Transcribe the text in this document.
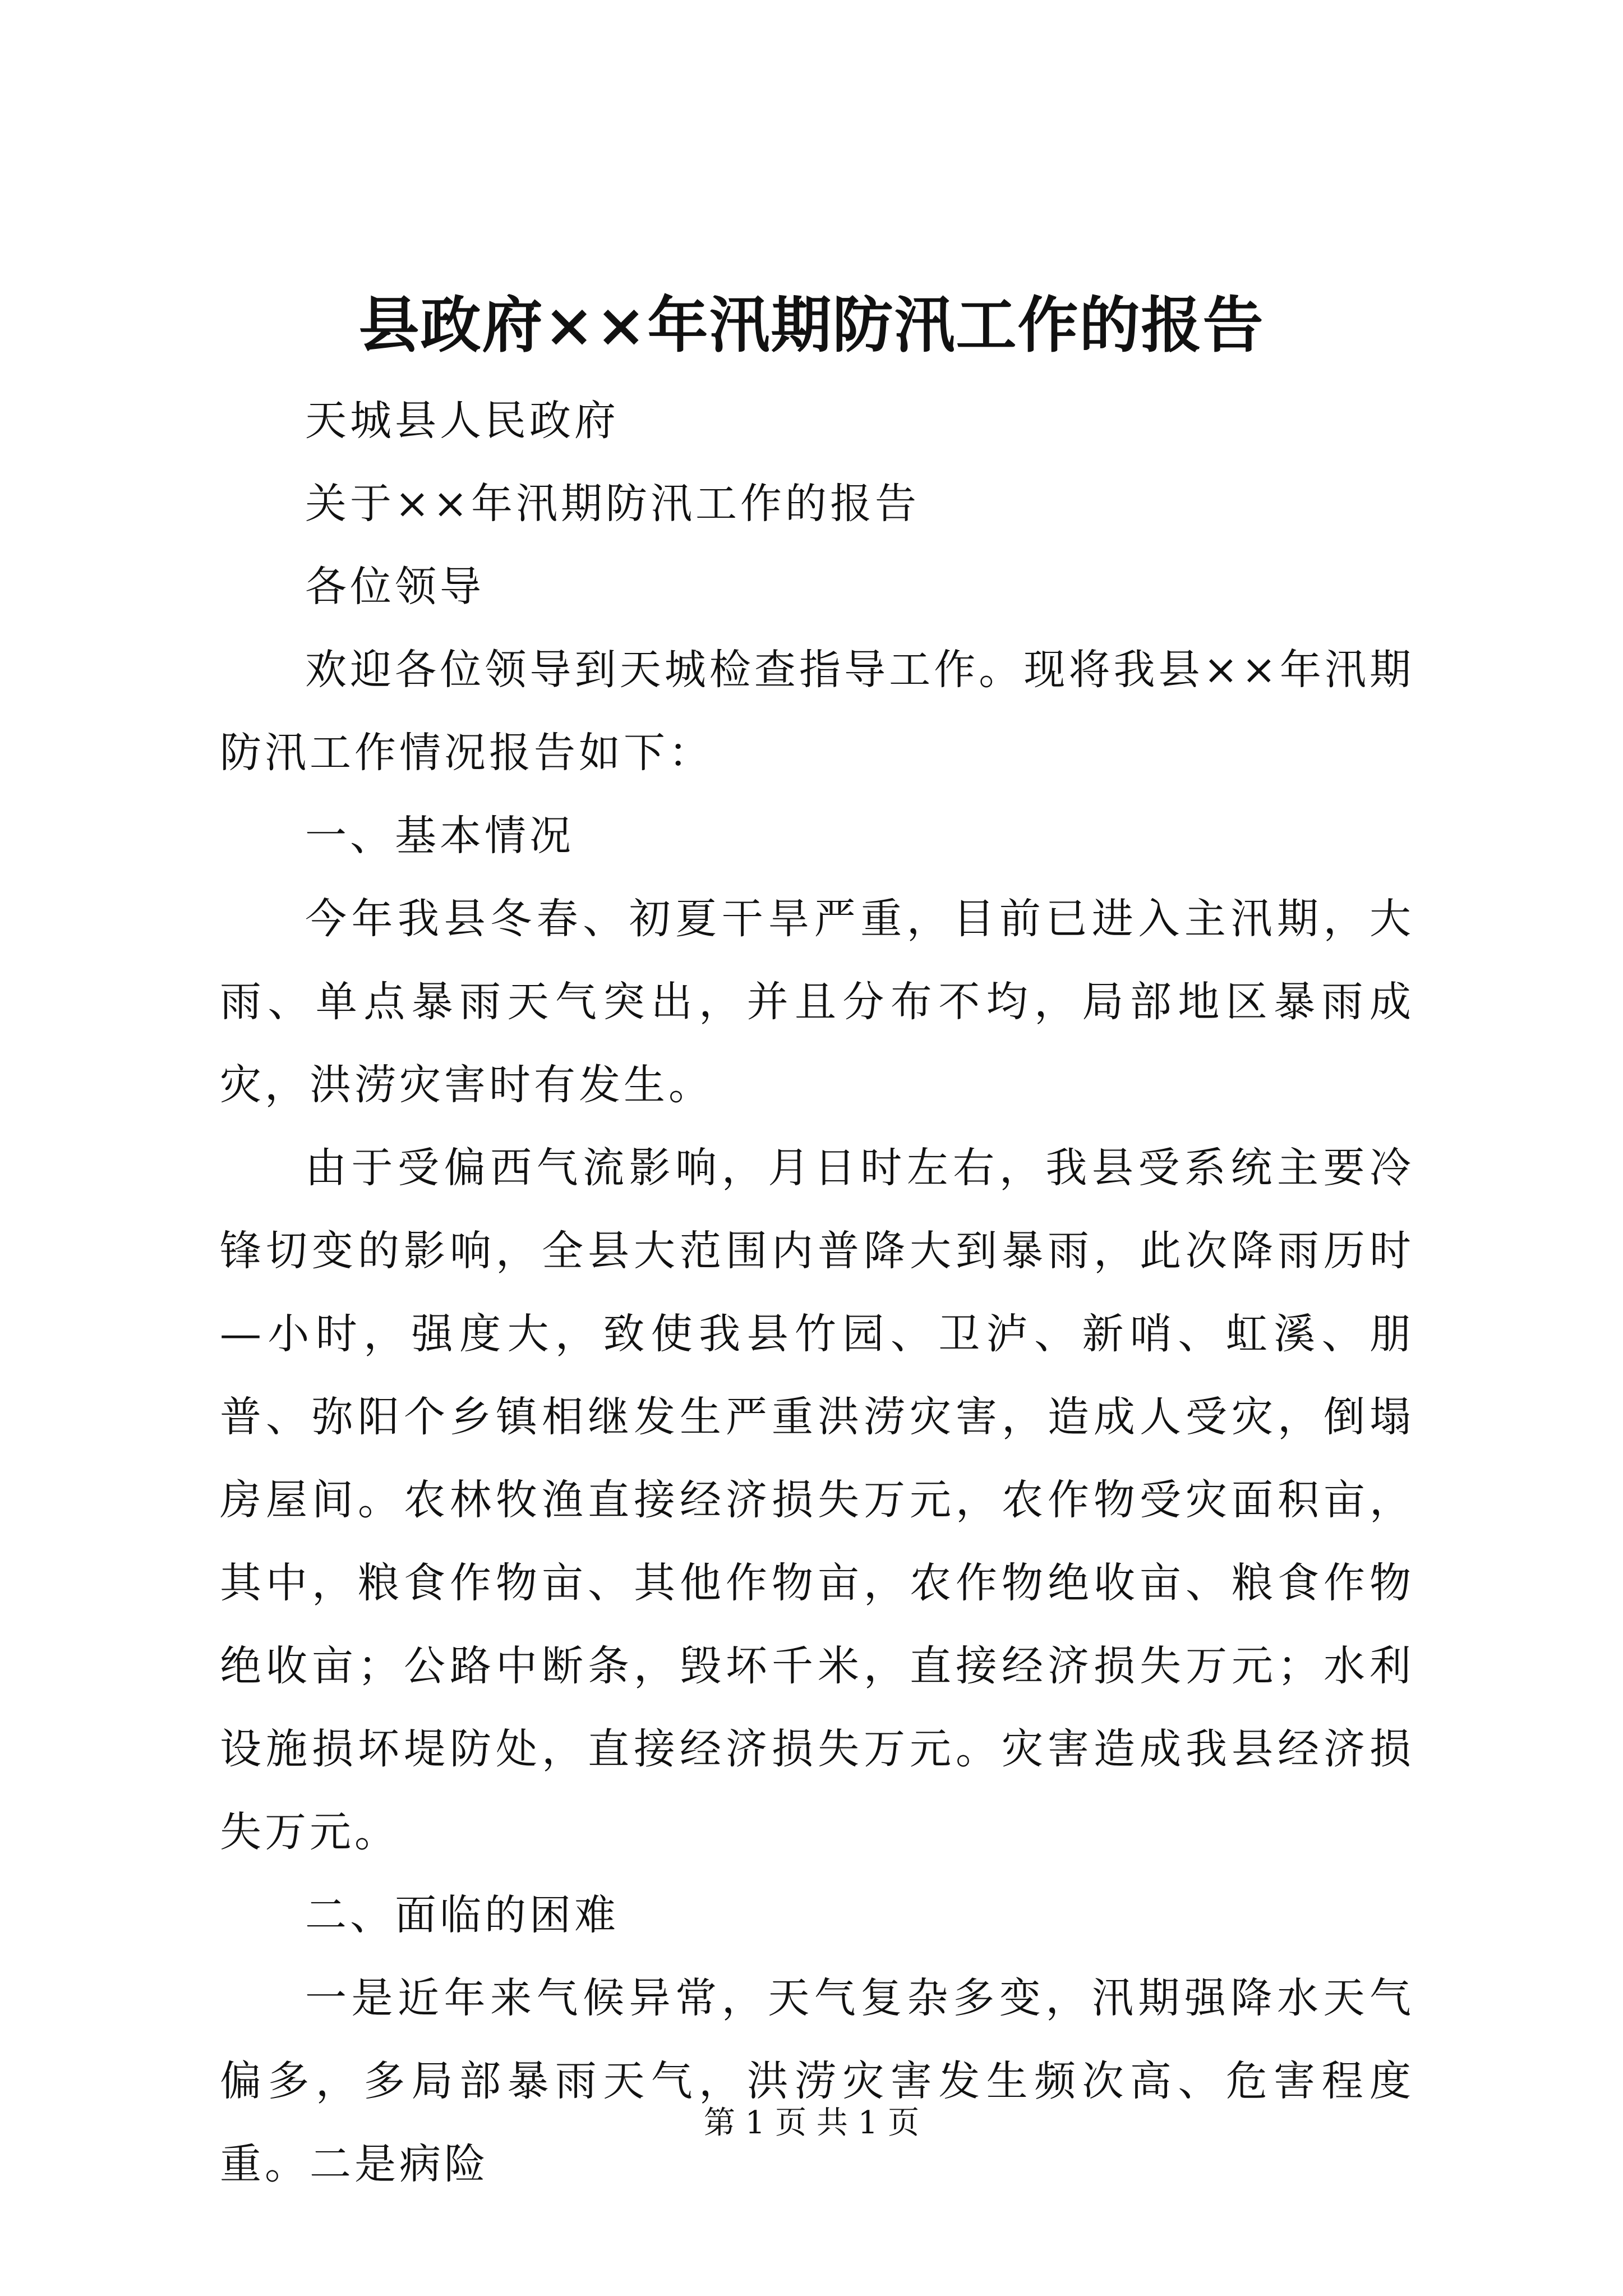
县政府××年汛期防汛工作的报告

天城县人民政府

关于××年汛期防汛工作的报告

各位领导

欢迎各位领导到天城检查指导工作。现将我县××年汛期防汛工作情况报告如下：

一、基本情况

今年我县冬春、初夏干旱严重，目前已进入主汛期，大雨、单点暴雨天气突出，并且分布不均，局部地区暴雨成灾，洪涝灾害时有发生。

由于受偏西气流影响，月日时左右，我县受系统主要冷锋切变的影响，全县大范围内普降大到暴雨，此次降雨历时—小时，强度大，致使我县竹园、卫泸、新哨、虹溪、朋普、弥阳个乡镇相继发生严重洪涝灾害，造成人受灾，倒塌房屋间。农林牧渔直接经济损失万元，农作物受灾面积亩，其中，粮食作物亩、其他作物亩，农作物绝收亩、粮食作物绝收亩；公路中断条，毁坏千米，直接经济损失万元；水利设施损坏堤防处，直接经济损失万元。灾害造成我县经济损失万元。

二、面临的困难

一是近年来气候异常，天气复杂多变，汛期强降水天气偏多，多局部暴雨天气，洪涝灾害发生频次高、危害程度重。二是病险

第 1 页 共 1 页
